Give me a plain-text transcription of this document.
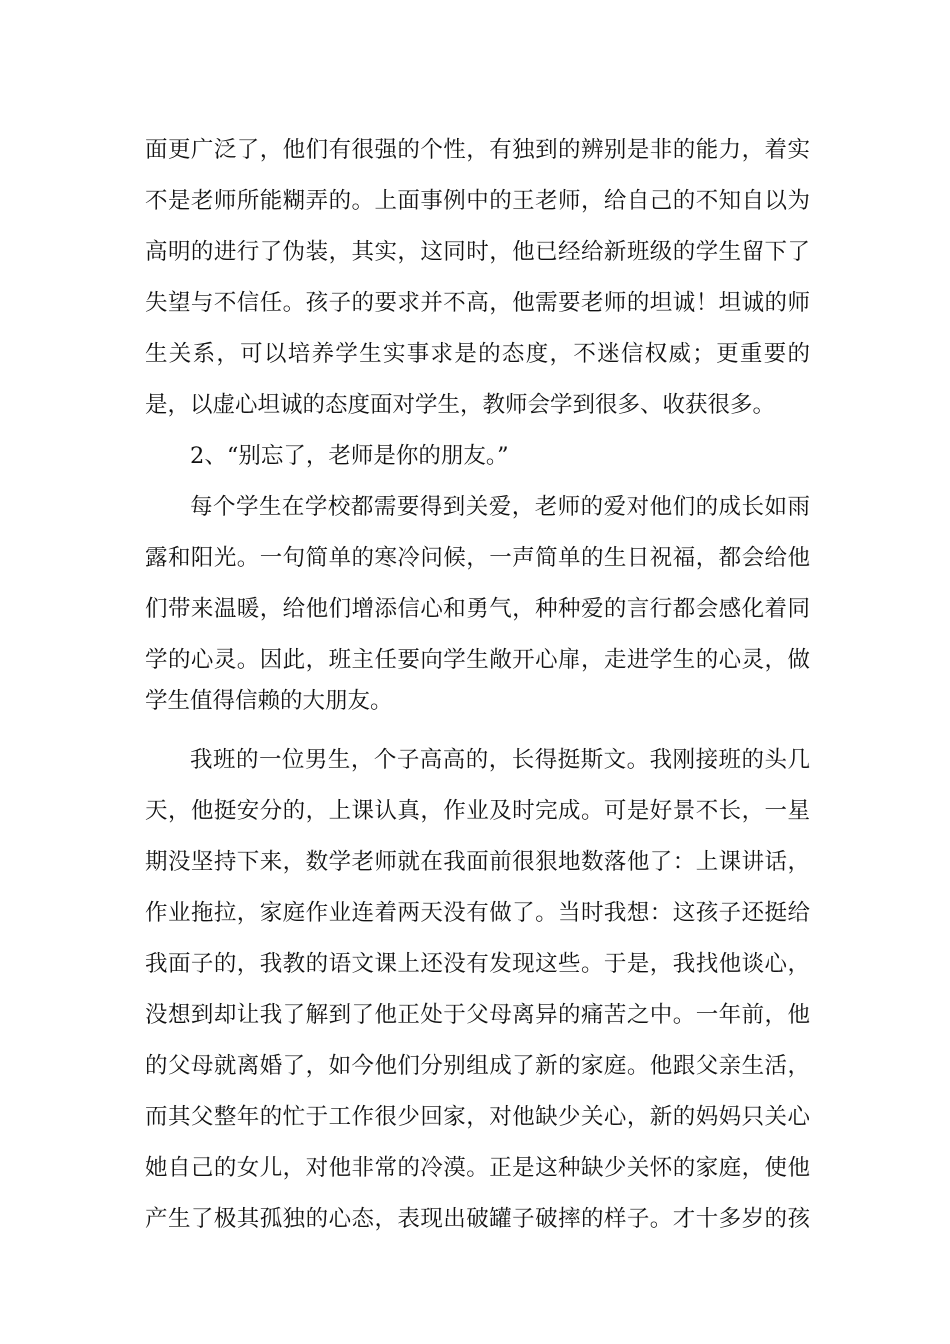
面更广泛了，他们有很强的个性，有独到的辨别是非的能力，着实
不是老师所能糊弄的。上面事例中的王老师，给自己的不知自以为
高明的进行了伪装，其实，这同时，他已经给新班级的学生留下了
失望与不信任。孩子的要求并不高，他需要老师的坦诚！坦诚的师
生关系，可以培养学生实事求是的态度，不迷信权威；更重要的
是，以虚心坦诚的态度面对学生，教师会学到很多、收获很多。
2、“别忘了，老师是你的朋友。”
每个学生在学校都需要得到关爱，老师的爱对他们的成长如雨
露和阳光。一句简单的寒冷问候，一声简单的生日祝福，都会给他
们带来温暖，给他们增添信心和勇气，种种爱的言行都会感化着同
学的心灵。因此，班主任要向学生敞开心扉，走进学生的心灵，做
学生值得信赖的大朋友。
我班的一位男生，个子高高的，长得挺斯文。我刚接班的头几
天，他挺安分的，上课认真，作业及时完成。可是好景不长，一星
期没坚持下来，数学老师就在我面前很狠地数落他了：上课讲话，
作业拖拉，家庭作业连着两天没有做了。当时我想：这孩子还挺给
我面子的，我教的语文课上还没有发现这些。于是，我找他谈心，
没想到却让我了解到了他正处于父母离异的痛苦之中。一年前，他
的父母就离婚了，如今他们分别组成了新的家庭。他跟父亲生活，
而其父整年的忙于工作很少回家，对他缺少关心，新的妈妈只关心
她自己的女儿，对他非常的冷漠。正是这种缺少关怀的家庭，使他
产生了极其孤独的心态，表现出破罐子破摔的样子。才十多岁的孩
